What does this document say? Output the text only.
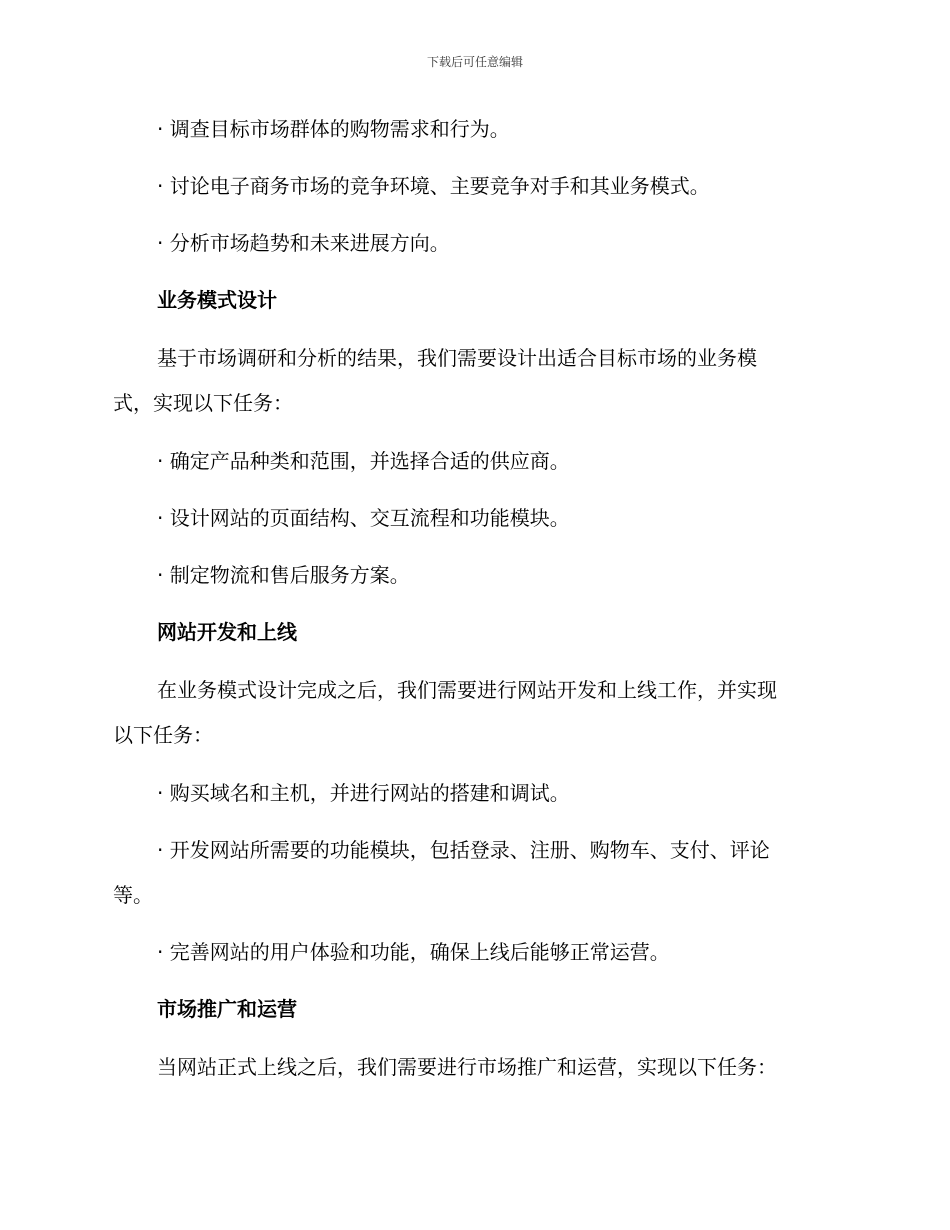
下载后可任意编辑
· 调查目标市场群体的购物需求和行为。
· 讨论电子商务市场的竞争环境、主要竞争对手和其业务模式。
· 分析市场趋势和未来进展方向。
业务模式设计
基于市场调研和分析的结果，我们需要设计出适合目标市场的业务模
式，实现以下任务：
· 确定产品种类和范围，并选择合适的供应商。
· 设计网站的页面结构、交互流程和功能模块。
· 制定物流和售后服务方案。
网站开发和上线
在业务模式设计完成之后，我们需要进行网站开发和上线工作，并实现
以下任务：
· 购买域名和主机，并进行网站的搭建和调试。
· 开发网站所需要的功能模块，包括登录、注册、购物车、支付、评论
等。
· 完善网站的用户体验和功能，确保上线后能够正常运营。
市场推广和运营
当网站正式上线之后，我们需要进行市场推广和运营，实现以下任务：
